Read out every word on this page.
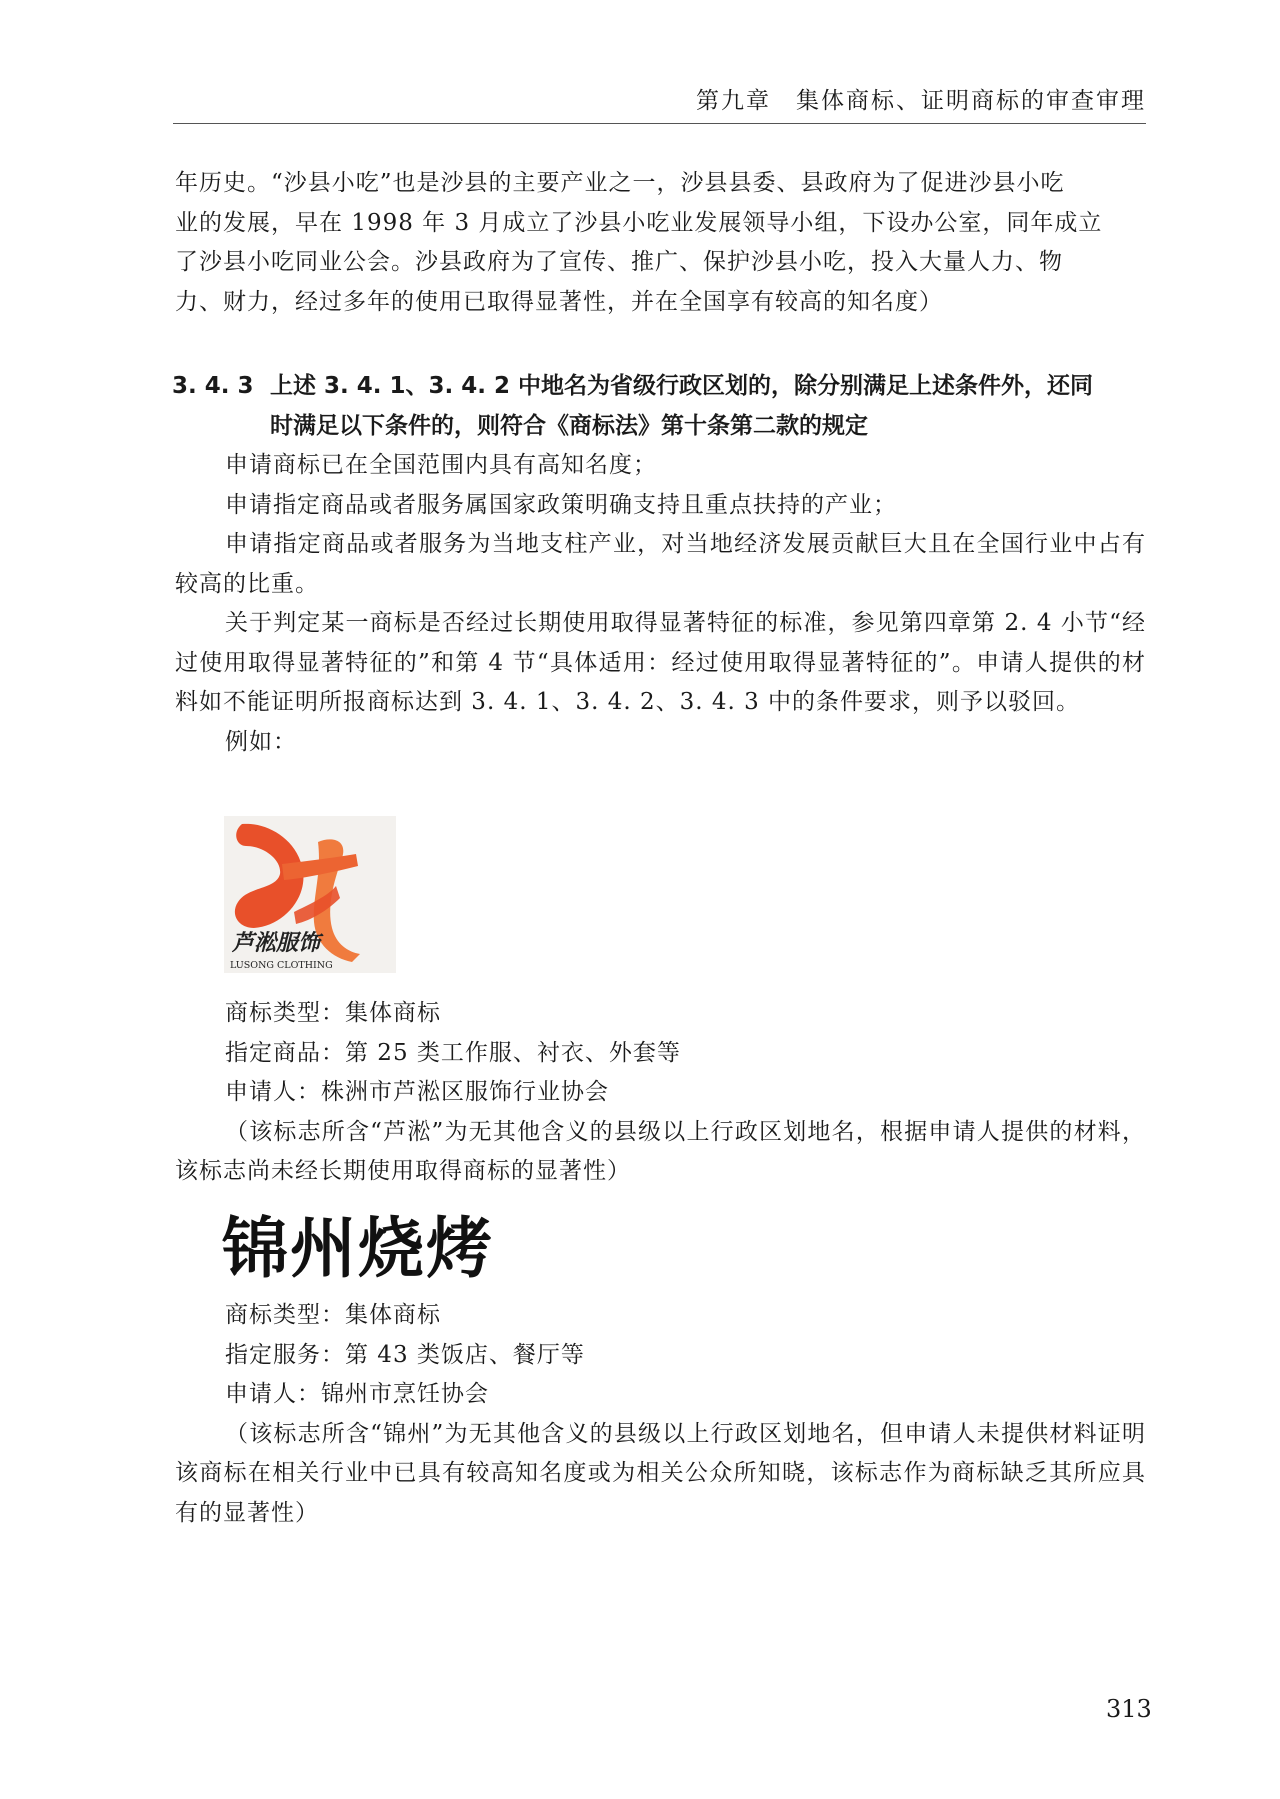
第九章　集体商标、证明商标的审查审理

年历史。“沙县小吃”也是沙县的主要产业之一，沙县县委、县政府为了促进沙县小吃

业的发展，早在 1998 年 3 月成立了沙县小吃业发展领导小组，下设办公室，同年成立

了沙县小吃同业公会。沙县政府为了宣传、推广、保护沙县小吃，投入大量人力、物

力、财力，经过多年的使用已取得显著性，并在全国享有较高的知名度）

3. 4. 3 上述 3. 4. 1、3. 4. 2 中地名为省级行政区划的，除分别满足上述条件外，还同
时满足以下条件的，则符合《商标法》第十条第二款的规定

申请商标已在全国范围内具有高知名度；

申请指定商品或者服务属国家政策明确支持且重点扶持的产业；

申请指定商品或者服务为当地支柱产业，对当地经济发展贡献巨大且在全国行业中占有较高的比重。

关于判定某一商标是否经过长期使用取得显著特征的标准，参见第四章第 2. 4 小节“经过使用取得显著特征的”和第 4 节“具体适用：经过使用取得显著特征的”。申请人提供的材料如不能证明所报商标达到 3. 4. 1、3. 4. 2、3. 4. 3 中的条件要求，则予以驳回。

例如：

芦淞服饰
LUSONG CLOTHING

商标类型：集体商标

指定商品：第 25 类工作服、衬衣、外套等

申请人：株洲市芦淞区服饰行业协会

（该标志所含“芦淞”为无其他含义的县级以上行政区划地名，根据申请人提供的材料，该标志尚未经长期使用取得商标的显著性）

锦州烧烤

商标类型：集体商标

指定服务：第 43 类饭店、餐厅等

申请人：锦州市烹饪协会

（该标志所含“锦州”为无其他含义的县级以上行政区划地名，但申请人未提供材料证明该商标在相关行业中已具有较高知名度或为相关公众所知晓，该标志作为商标缺乏其所应具有的显著性）

313
